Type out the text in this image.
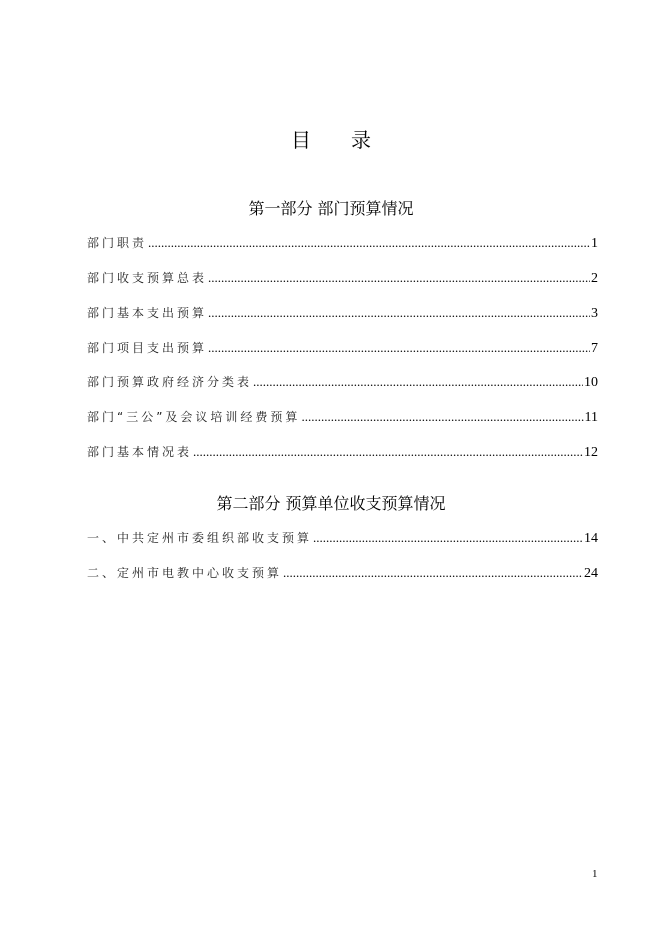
目 录
第一部分 部门预算情况
部门职责 .....	1
部门收支预算总表 .....	2
部门基本支出预算 .....	3
部门项目支出预算 .....	7
部门预算政府经济分类表 .....	10
部门“三公”及会议培训经费预算 .....	11
部门基本情况表 .....	12
第二部分 预算单位收支预算情况
一、中共定州市委组织部收支预算 .....	14
二、定州市电教中心收支预算 .....	24
1
